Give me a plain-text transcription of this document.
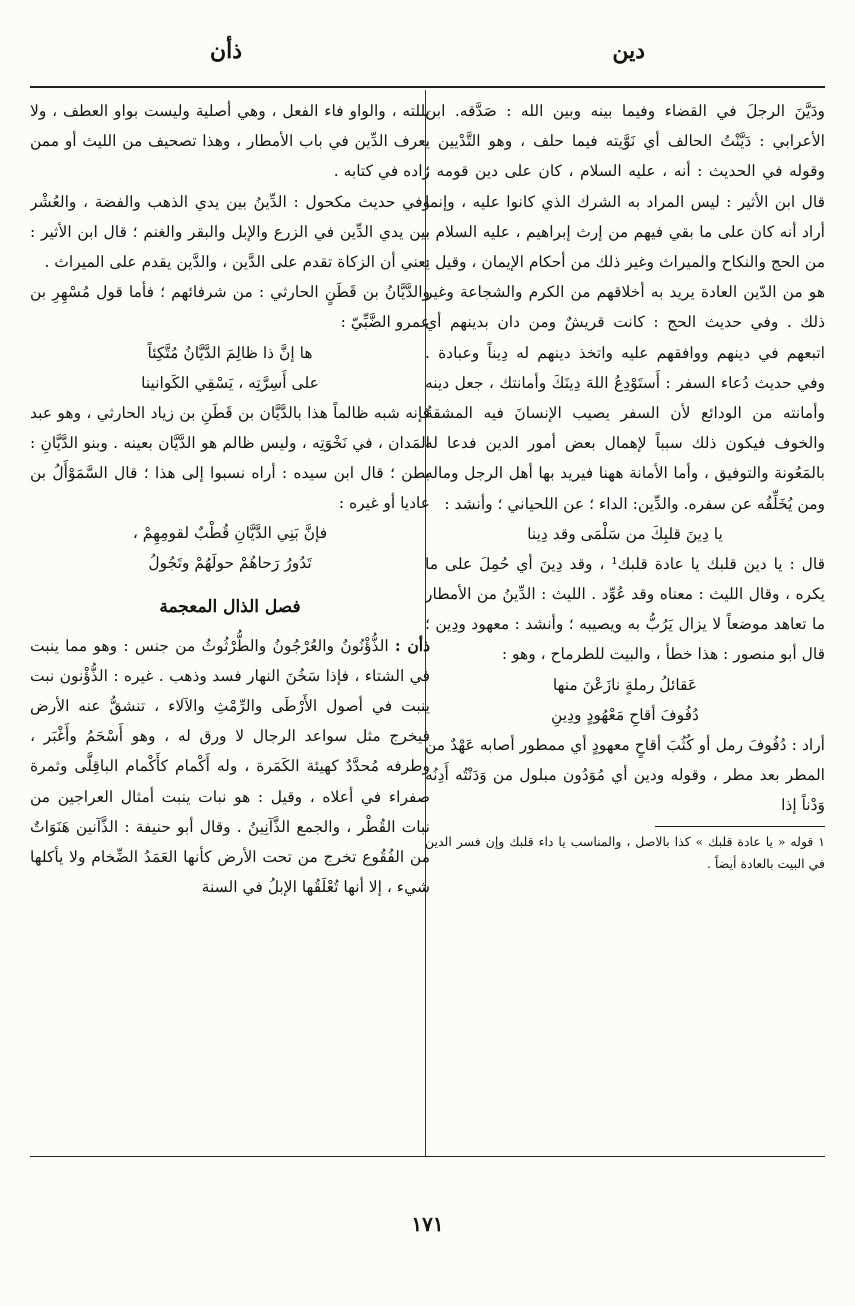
دين
ذأن

ودَيَّنَ الرجلَ في القضاء وفيما بينه وبين الله : صَدَّقه. ابن الأعرابي : دَيَّنْتُ الحالف أي نَوَّيته فيما حلف ، وهو التَّدْيين . وقوله في الحديث : أنه ، عليه السلام ، كان على دين قومه ؛ قال ابن الأثير : ليس المراد به الشرك الذي كانوا عليه ، وإنما أراد أنه كان على ما بقي فيهم من إرث إبراهيم ، عليه السلام ، من الحج والنكاح والميراث وغير ذلك من أحكام الإيمان ، وقيل : هو من الدّين العادة يريد به أخلاقهم من الكرم والشجاعة وغير ذلك . وفي حديث الحج : كانت قريشٌ ومن دان بدينهم أي اتبعهم في دينهم ووافقهم عليه واتخذ دينهم له دِيناً وعبادة . وفي حديث دُعاء السفر : أَستَوْدِعُ اللهَ دِينَكَ وأمانتك ، جعل دينه وأمانته من الودائع لأن السفر يصيب الإنسانَ فيه المشقةُ والخوف فيكون ذلك سبباً لإهمال بعض أمور الدين فدعا له بالمَعُونة والتوفيق ، وأما الأمانة ههنا فيريد بها أهل الرجل وماله ومن يُخَلِّفُه عن سفره. والدِّين: الداء ؛ عن اللحياني ؛ وأنشد :

يا دِينَ قلبِكَ من سَلْمَى وقد دِينا

قال : يا دين قلبك يا عادة قلبك¹ ، وقد دِينَ أي حُمِلَ على ما يكره ، وقال الليث : معناه وقد عُوِّد . الليث : الدِّينُ من الأمطار ما تعاهد موضعاً لا يزال يَرُبُّ به ويصيبه ؛ وأنشد : معهود ودِين ؛ قال أبو منصور : هذا خطأ ، والبيت للطرماح ، وهو :

عَقائلُ رملةٍ نازَعْنَ منها

دُفُوفَ أقاحِ مَعْهُودٍ ودِينِ

أراد : دُفُوفَ رمل أو كُثُبَ أقاحٍ معهودٍ أي ممطور أصابه عَهْدٌ من المطر بعد مطر ، وقوله ودين أي مُوَدُون مبلول من وَدَنْتُه أَدِنُه وَدْناً إذا

١ قوله « يا عادة قلبك » كذا بالاصل ، والمناسب يا داء قلبك وإن فسر الدين في البيت بالعادة أيضاً .

بللته ، والواو فاء الفعل ، وهي أصلية وليست بواو العطف ، ولا يعرف الدِّين في باب الأمطار ، وهذا تصحيف من الليث أو ممن زاده في كتابه .

وفي حديث مكحول : الدِّينُ بين يدي الذهب والفضة ، والعُشْر بين يدي الدِّين في الزرع والإبل والبقر والغنم ؛ قال ابن الأثير : يعني أن الزكاة تقدم على الدَّين ، والدَّين يقدم على الميراث .

والدَّيَّانُ بن قَطَنٍ الحارثي : من شرفائهم ؛ فأما قول مُسْهِرِ بن عمرو الضَّبِّيّ :

ها إنَّ ذا ظالِمَ الدَّيَّانُ مُتَّكِئاً

على أَسِرَّتِه ، يَسْقِي الكَوانينا

فإنه شبه ظالماً هذا بالدَّيَّان بن قَطَنِ بن زياد الحارثي ، وهو عبد المَدان ، في نَخْوَتِه ، وليس ظالم هو الدَّيَّان بعينه . وبنو الدَّيَّانِ : بطن ؛ قال ابن سيده : أراه نسبوا إلى هذا ؛ قال السَّمَوْأَلُ بن عاديا أو غيره :

فإنَّ بَنِي الدَّيَّانِ قُطْبٌ لقومِهِمْ ،

تَدُورُ رَحاهُمْ حولَهُمْ وتَجُولُ

فصل الذال المعجمة

ذأن : الذُّؤْنُونُ والعُرْجُونُ والطُّرْثُوثُ من جنس : وهو مما ينبت في الشتاء ، فإذا سَخُنَ النهار فسد وذهب . غيره : الذُّؤْنون نبت ينبت في أصول الأَرْطَى والرِّمْثِ والآلاء ، تنشقُّ عنه الأرض فيخرج مثل سواعد الرجال لا ورق له ، وهو أَسْحَمُ وأَغْبَر ، وطرفه مُحدَّدٌ كهيئة الكَمَرة ، وله أَكْمام كأَكْمام الباقِلَّى وثمرة صفراء في أعلاه ، وقيل : هو نبات ينبت أمثال العراجين من نبات القُطْر ، والجمع الذَّآنِينُ . وقال أبو حنيفة : الذَّآنين هَنَوَاتٌ من الفُقُوع تخرج من تحت الأرض كأنها العَمَدُ الضِّخام ولا يأكلها شيء ، إلا أنها تُعْلَقُها الإبلُ في السنة

١٧١
